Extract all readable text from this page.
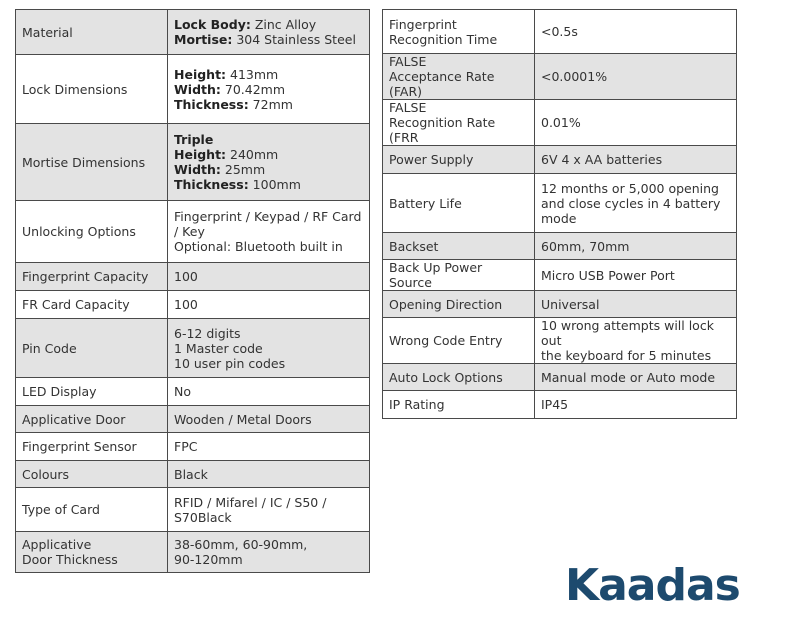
Material	Lock Body: Zinc Alloy
Mortise: 304 Stainless Steel

Lock Dimensions	Height: 413mm
Width: 70.42mm
Thickness: 72mm

Mortise Dimensions	Triple
Height: 240mm
Width: 25mm
Thickness: 100mm

Unlocking Options	Fingerprint / Keypad / RF Card
/ Key
Optional: Bluetooth built in
Fingerprint Capacity	100
FR Card Capacity	100
Pin Code	6-12 digits
1 Master code
10 user pin codes
LED Display	No
Applicative Door	Wooden / Metal Doors
Fingerprint Sensor	FPC
Colours	Black
Type of Card	RFID / Mifarel / IC / S50 /
S70Black
Applicative
Door Thickness	38-60mm, 60-90mm,
90-120mm
Fingerprint
Recognition Time	<0.5s
FALSE
Acceptance Rate (FAR)	<0.0001%
FALSE
Recognition Rate (FRR	0.01%
Power Supply	6V 4 x AA batteries
Battery Life	12 months or 5,000 opening
and close cycles in 4 battery
mode
Backset	60mm, 70mm
Back Up Power Source	Micro USB Power Port
Opening Direction	Universal
Wrong Code Entry	10 wrong attempts will lock out
the keyboard for 5 minutes
Auto Lock Options	Manual mode or Auto mode
IP Rating	IP45
Kaadas
